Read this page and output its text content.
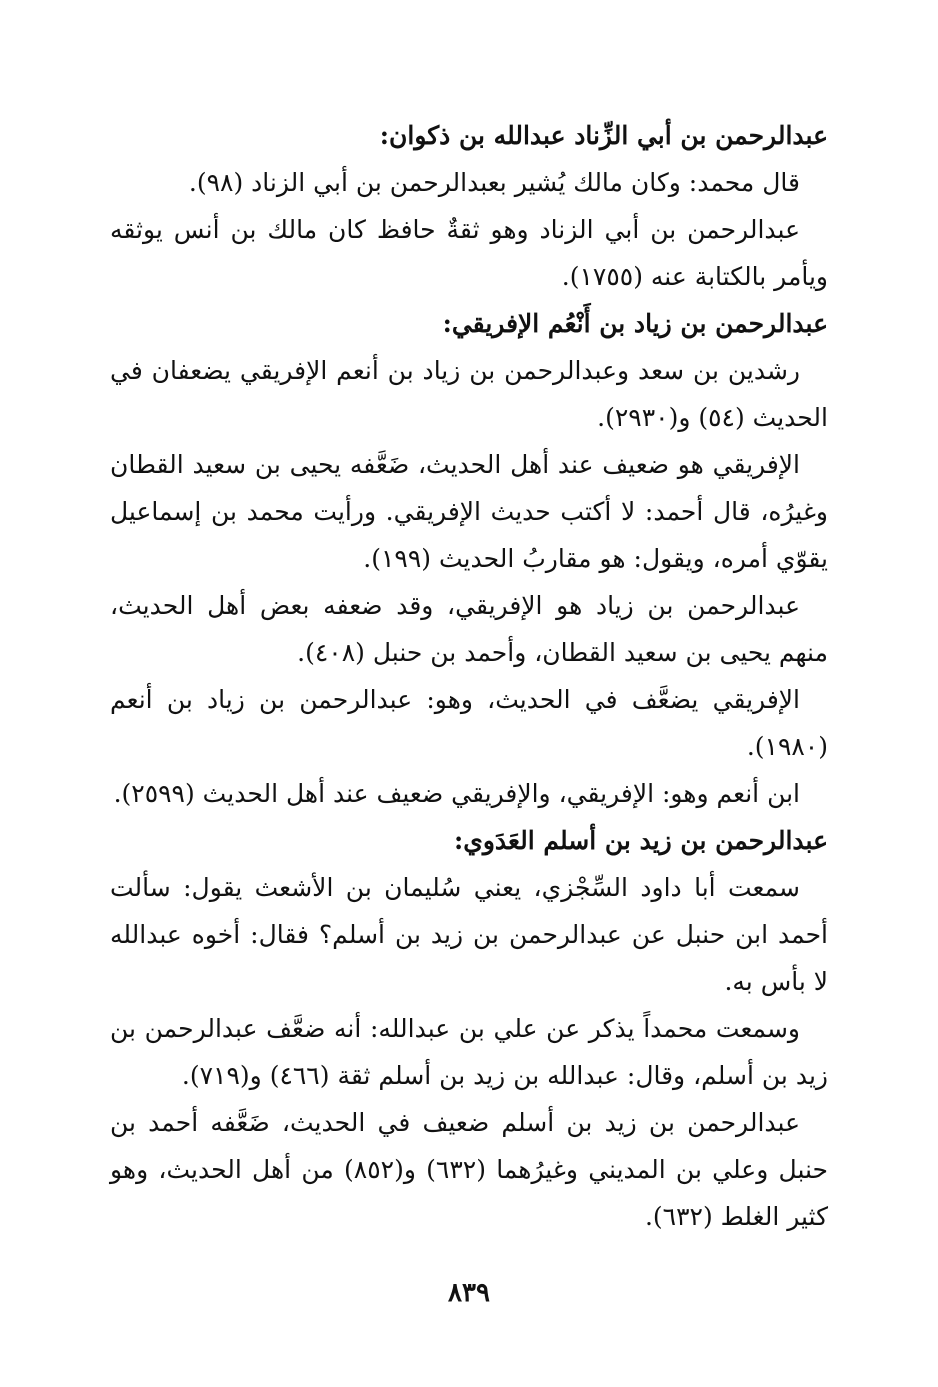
عبدالرحمن بن أبي الزِّناد عبدالله بن ذكوان:

قال محمد: وكان مالك يُشير بعبدالرحمن بن أبي الزناد (٩٨).

عبدالرحمن بن أبي الزناد وهو ثقةٌ حافظ كان مالك بن أنس يوثقه ويأمر بالكتابة عنه (١٧٥٥).

عبدالرحمن بن زياد بن أَنْعُم الإفريقي:

رشدين بن سعد وعبدالرحمن بن زياد بن أنعم الإفريقي يضعفان في الحديث (٥٤) و(٢٩٣٠).

الإفريقي هو ضعيف عند أهل الحديث، ضَعَّفه يحيى بن سعيد القطان وغيرُه، قال أحمد: لا أكتب حديث الإفريقي. ورأيت محمد بن إسماعيل يقوّي أمره، ويقول: هو مقاربُ الحديث (١٩٩).

عبدالرحمن بن زياد هو الإفريقي، وقد ضعفه بعض أهل الحديث، منهم يحيى بن سعيد القطان، وأحمد بن حنبل (٤٠٨).

الإفريقي يضعَّف في الحديث، وهو: عبدالرحمن بن زياد بن أنعم (١٩٨٠).

ابن أنعم وهو: الإفريقي، والإفريقي ضعيف عند أهل الحديث (٢٥٩٩).

عبدالرحمن بن زيد بن أسلم العَدَوي:

سمعت أبا داود السِّجْزي، يعني سُليمان بن الأشعث يقول: سألت أحمد ابن حنبل عن عبدالرحمن بن زيد بن أسلم؟ فقال: أخوه عبدالله لا بأس به.

وسمعت محمداً يذكر عن علي بن عبدالله: أنه ضعَّف عبدالرحمن بن زيد بن أسلم، وقال: عبدالله بن زيد بن أسلم ثقة (٤٦٦) و(٧١٩).

عبدالرحمن بن زيد بن أسلم ضعيف في الحديث، ضَعَّفه أحمد بن حنبل وعلي بن المديني وغيرُهما (٦٣٢) و(٨٥٢) من أهل الحديث، وهو كثير الغلط (٦٣٢).

٨٣٩
